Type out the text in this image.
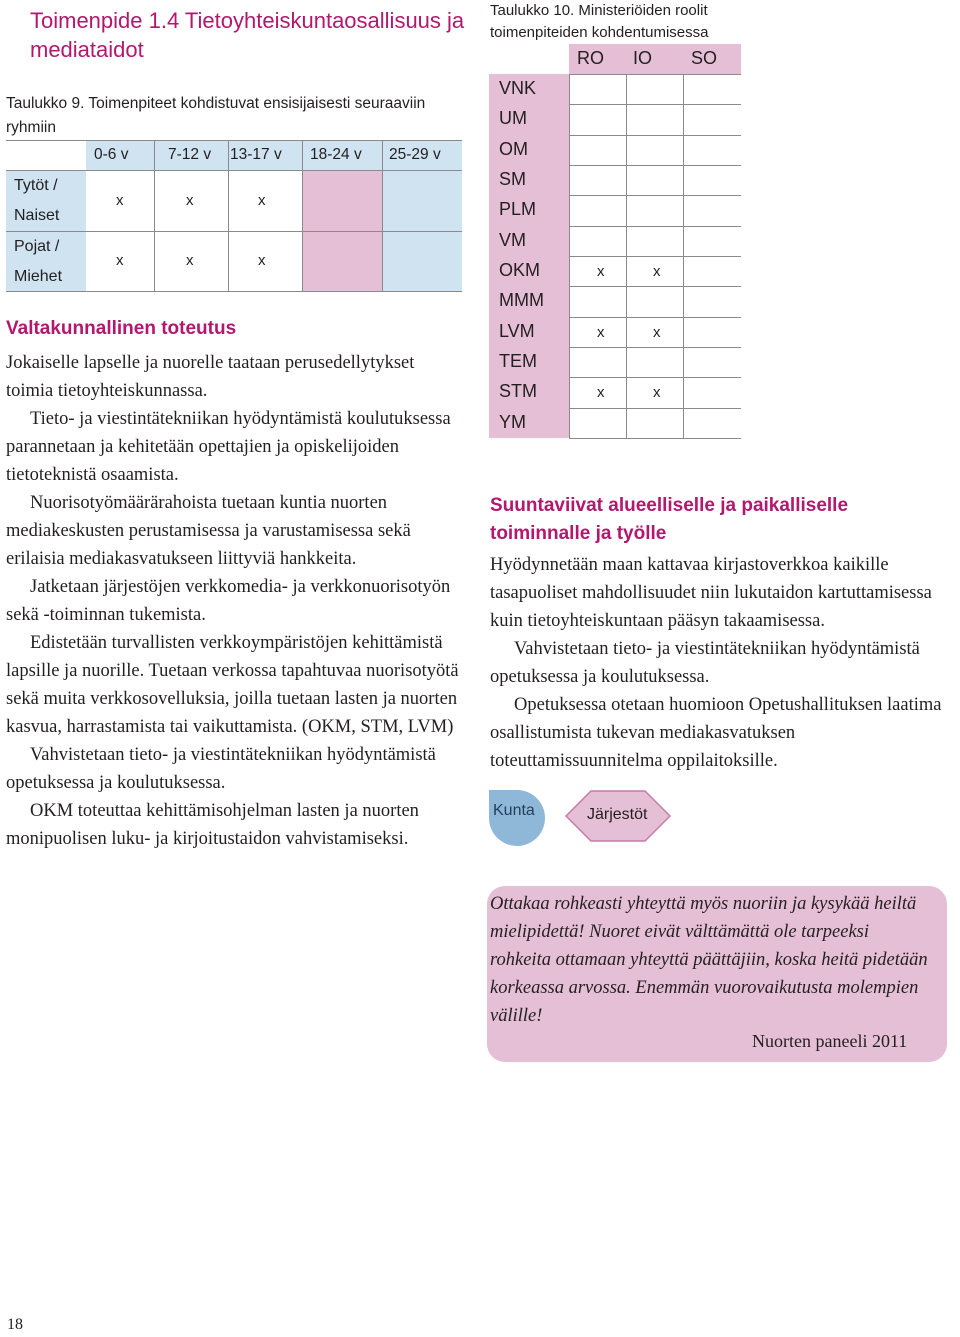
Toimenpide 1.4 Tietoyhteiskuntaosallisuus ja mediataidot
Taulukko 9. Toimenpiteet kohdistuvat ensisijaisesti seuraaviin ryhmiin
0-6 v	7-12 v 13-17 v 18-24 v 25-29 v
Tytöt /
Naiset
x	x	x
Pojat /
Miehet
x	x	x
Valtakunnallinen toteutus

Jokaiselle lapselle ja nuorelle taataan perusedellytykset toimia tietoyhteiskunnassa.

Tieto- ja viestintätekniikan hyödyntämistä koulutuksessa parannetaan ja kehitetään opettajien ja opiskelijoiden tietoteknistä osaamista.

Nuorisotyömäärärahoista tuetaan kuntia nuorten mediakeskusten perustamisessa ja varustamisessa sekä erilaisia mediakasvatukseen liittyviä hankkeita.

Jatketaan järjestöjen verkkomedia- ja verkkonuorisotyön sekä -toiminnan tukemista.

Edistetään turvallisten verkkoympäristöjen kehittämistä lapsille ja nuorille. Tuetaan verkossa tapahtuvaa nuorisotyötä sekä muita verkkosovelluksia, joilla tuetaan lasten ja nuorten kasvua, harrastamista tai vaikuttamista. (OKM, STM, LVM)

Vahvistetaan tieto- ja viestintätekniikan hyödyntämistä opetuksessa ja koulutuksessa.

OKM toteuttaa kehittämisohjelman lasten ja nuorten monipuolisen luku- ja kirjoitustaidon vahvistamiseksi.

Taulukko 10. Ministeriöiden roolit
toimenpiteiden kohdentumisessa
RO IO SO
VNK
UM
OM
SM
PLM
VM
OKM	x	x
MMM
LVM	x	x
TEM
STM	x	x
YM
Suuntaviivat alueelliselle ja paikalliselle toiminnalle ja työlle

Hyödynnetään maan kattavaa kirjastoverkkoa kaikille tasapuoliset mahdollisuudet niin lukutaidon kartuttamisessa kuin tietoyhteiskuntaan pääsyn takaamisessa.

Vahvistetaan tieto- ja viestintätekniikan hyödyntämistä opetuksessa ja koulutuksessa.

Opetuksessa otetaan huomioon Opetushallituksen laatima osallistumista tukevan mediakasvatuksen toteuttamissuunnitelma oppilaitoksille.

Kunta	Järjestöt
Ottakaa rohkeasti yhteyttä myös nuoriin ja kysykää heiltä mielipidettä! Nuoret eivät välttämättä ole tarpeeksi rohkeita ottamaan yhteyttä päättäjiin, koska heitä pidetään korkeassa arvossa. Enemmän vuorovaikutusta molempien välille!
Nuorten paneeli 2011
18
